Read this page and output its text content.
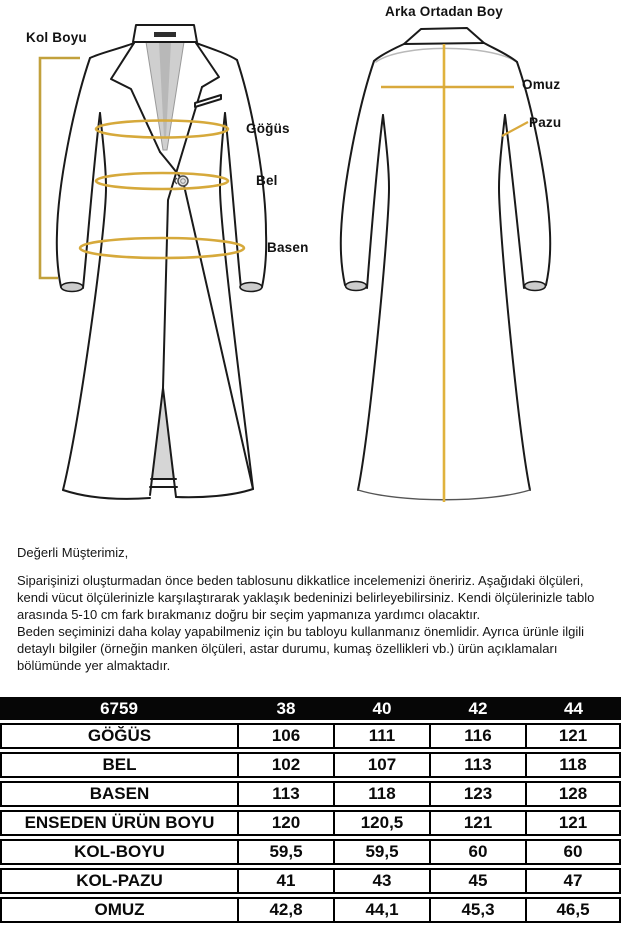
Kol Boyu
Göğüs
Bel
Basen
Arka Ortadan Boy
Omuz
Pazu

Değerli Müşterimiz,

Siparişinizi oluşturmadan önce beden tablosunu dikkatlice incelemenizi öneririz. Aşağıdaki ölçüleri, kendi vücut ölçülerinizle karşılaştırarak yaklaşık bedeninizi belirleyebilirsiniz. Kendi ölçülerinizle tablo arasında 5-10 cm fark bırakmanız doğru bir seçim yapmanıza yardımcı olacaktır.

Beden seçiminizi daha kolay yapabilmeniz için bu tabloyu kullanmanız önemlidir. Ayrıca ürünle ilgili detaylı bilgiler (örneğin manken ölçüleri, astar durumu, kumaş özellikleri vb.) ürün açıklamaları bölümünde yer almaktadır.

6759	38	40	42	44
GÖĞÜS	106	111	116	121
BEL	102	107	113	118
BASEN	113	118	123	128
ENSEDEN ÜRÜN BOYU	120	120,5	121	121
KOL-BOYU	59,5	59,5	60	60
KOL-PAZU	41	43	45	47
OMUZ	42,8	44,1	45,3	46,5
